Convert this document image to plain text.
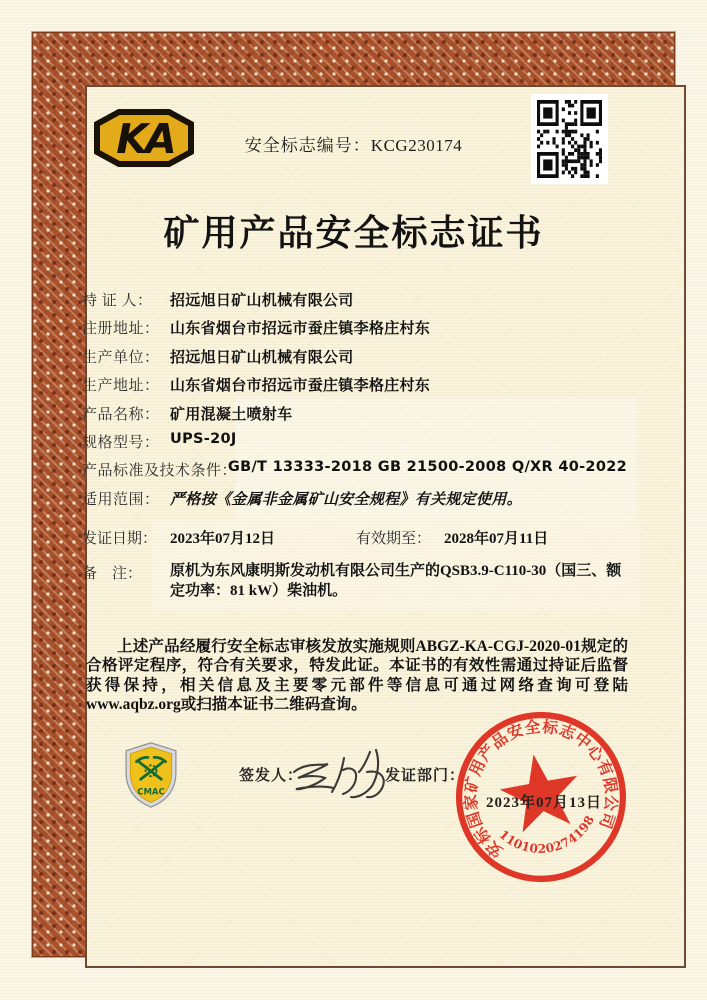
KA	安全标志编号：KCG230174
矿用产品安全标志证书
持 证 人：	招远旭日矿山机械有限公司
注册地址： 山东省烟台市招远市蚕庄镇李格庄村东
生产单位： 招远旭日矿山机械有限公司
生产地址： 山东省烟台市招远市蚕庄镇李格庄村东
产品名称： 矿用混凝土喷射车
规格型号： UPS-20J
产品标准及技术条件：
GB/T 13333-2018 GB 21500-2008 Q/XR 40-2022
适用范围： 严格按《金属非金属矿山安全规程》有关规定使用。
发证日期： 2023年07月12日	有效期至： 2028年07月11日
备    注：	原机为东风康明斯发动机有限公司生产的QSB3.9-C110-30（国三、额定功率：81 kW）柴油机。
上述产品经履行安全标志审核发放实施规则ABGZ-KA-CGJ-2020-01规定的合格评定程序，符合有关要求，特发此证。本证书的有效性需通过持证后监督获得保持，相关信息及主要零元部件等信息可通过网络查询可登陆www.aqbz.org或扫描本证书二维码查询。
CMAC
签发人：	发证部门：
安标国家矿用产品安全标志中心有限公司
1101020274198
2023年07月13日
